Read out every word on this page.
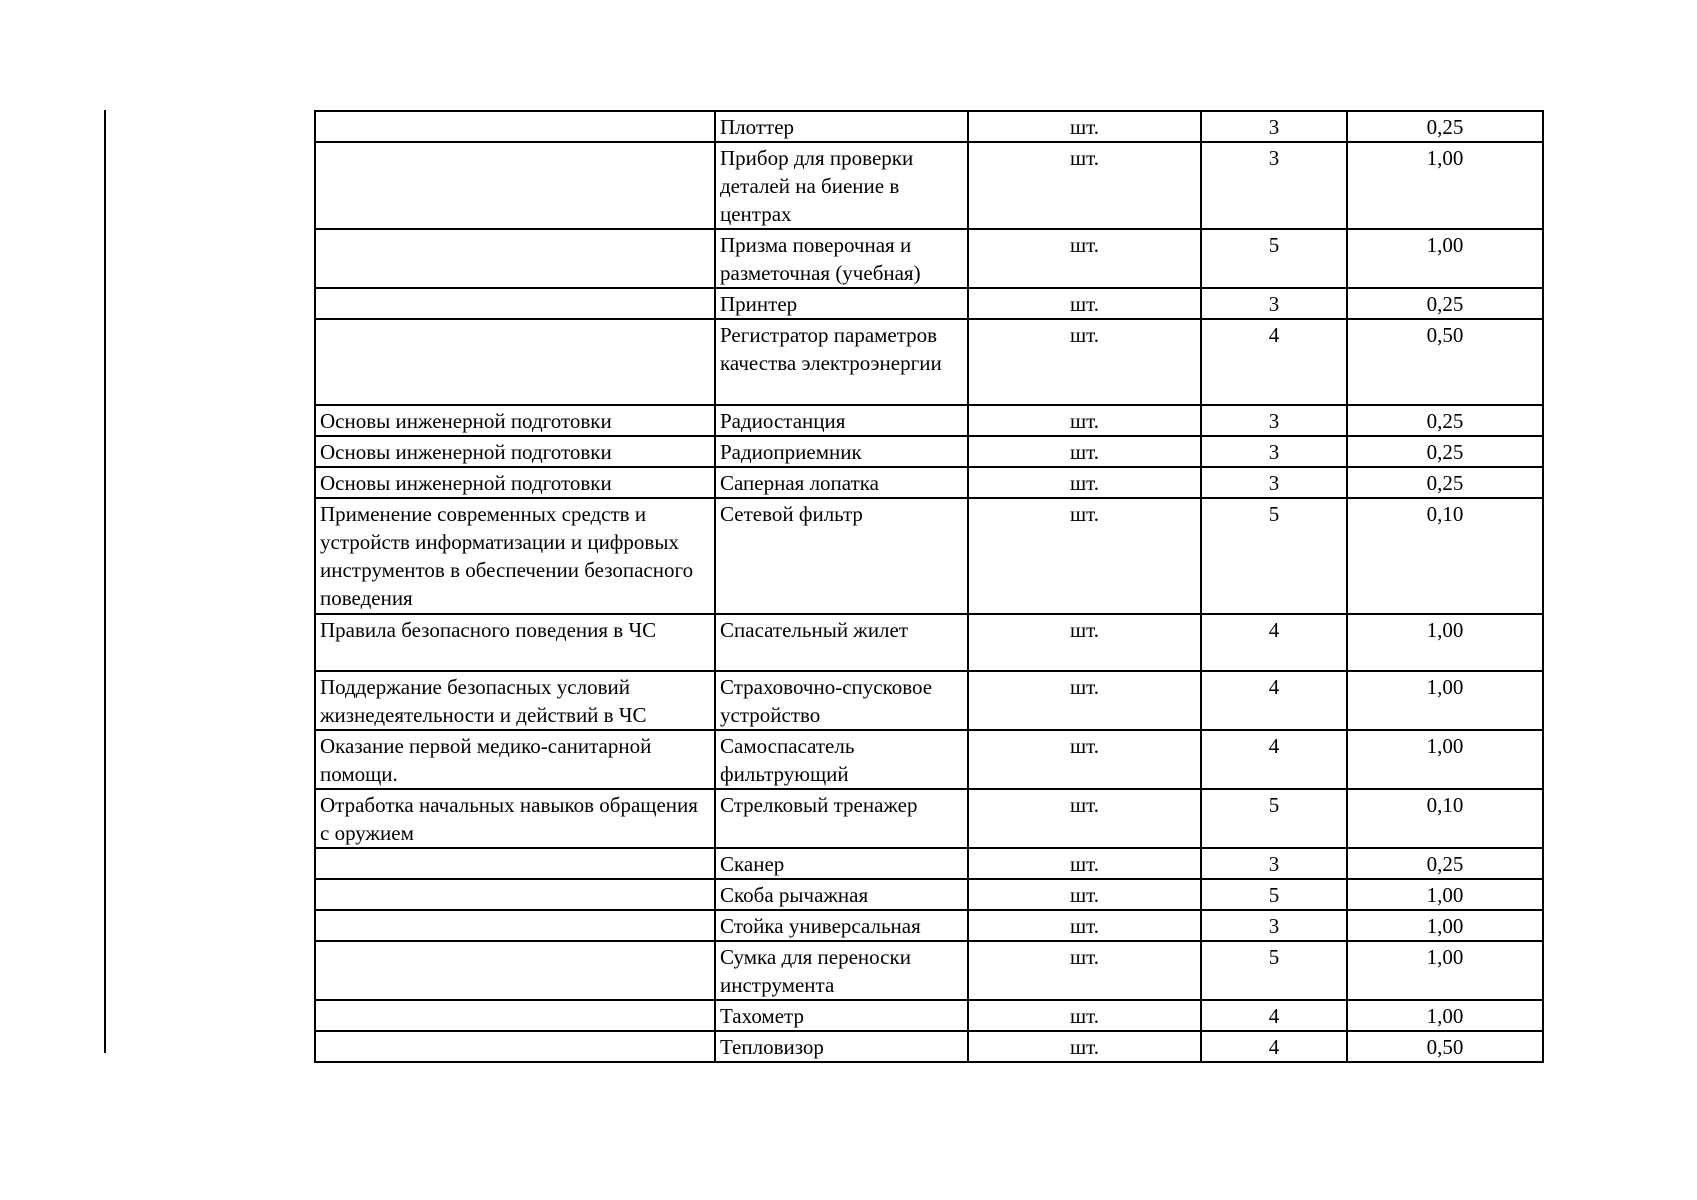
	Плоттер	шт.	3	0,25
	Прибор для проверки деталей на биение в центрах	шт.	3	1,00
	Призма поверочная и разметочная (учебная)	шт.	5	1,00
	Принтер	шт.	3	0,25
	Регистратор параметров качества электроэнергии	шт.	4	0,50
Основы инженерной подготовки	Радиостанция	шт.	3	0,25
Основы инженерной подготовки	Радиоприемник	шт.	3	0,25
Основы инженерной подготовки	Саперная лопатка	шт.	3	0,25
Применение современных средств и устройств информатизации и цифровых инструментов в обеспечении безопасного поведения	Сетевой фильтр	шт.	5	0,10
Правила безопасного поведения в ЧС	Спасательный жилет	шт.	4	1,00
Поддержание безопасных условий жизнедеятельности и действий в ЧС	Страховочно-спусковое устройство	шт.	4	1,00
Оказание первой медико-санитарной помощи.	Самоспасатель фильтрующий	шт.	4	1,00
Отработка начальных навыков обращения с оружием	Стрелковый тренажер	шт.	5	0,10
	Сканер	шт.	3	0,25
	Скоба рычажная	шт.	5	1,00
	Стойка универсальная	шт.	3	1,00
	Сумка для переноски инструмента	шт.	5	1,00
	Тахометр	шт.	4	1,00
	Тепловизор	шт.	4	0,50
